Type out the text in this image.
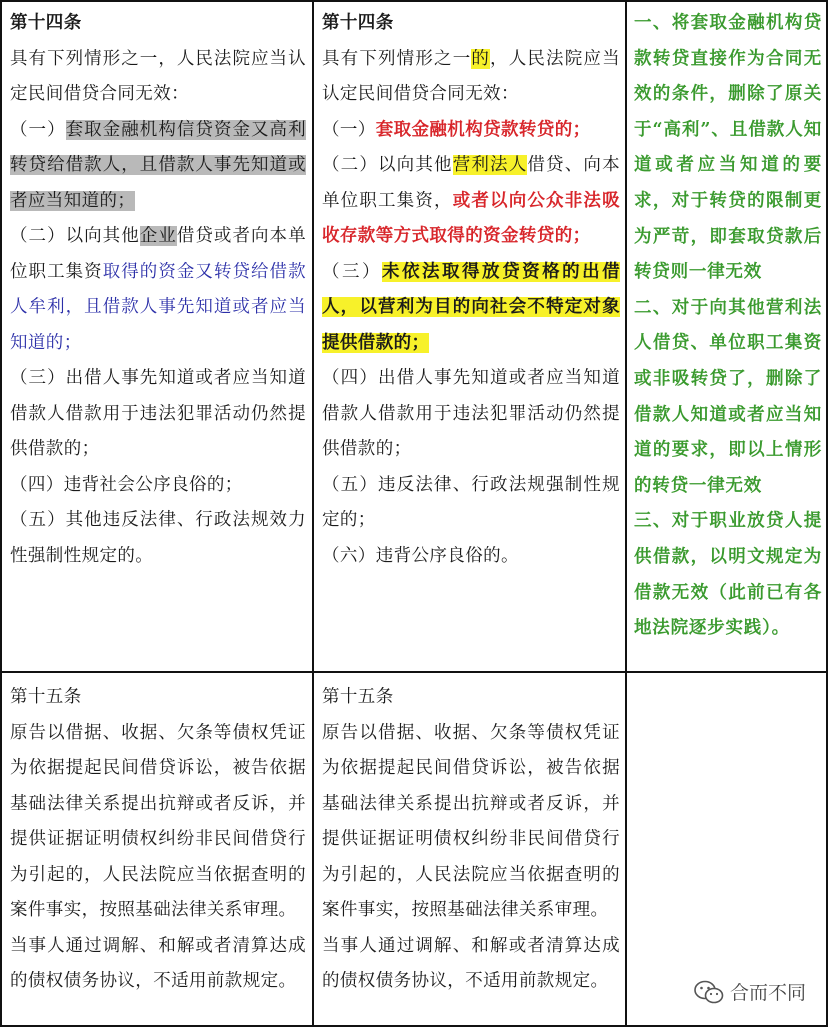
第十四条

具有下列情形之一，人民法院应当认定民间借贷合同无效：

（一）套取金融机构信贷资金又高利转贷给借款人，且借款人事先知道或者应当知道的；

（二）以向其他企业借贷或者向本单位职工集资取得的资金又转贷给借款人牟利，且借款人事先知道或者应当知道的；

（三）出借人事先知道或者应当知道借款人借款用于违法犯罪活动仍然提供借款的；

（四）违背社会公序良俗的；

（五）其他违反法律、行政法规效力性强制性规定的。

第十四条

具有下列情形之一的，人民法院应当认定民间借贷合同无效：

（一）套取金融机构贷款转贷的；

（二）以向其他营利法人借贷、向本单位职工集资，或者以向公众非法吸收存款等方式取得的资金转贷的；

（三）未依法取得放贷资格的出借人，以营利为目的向社会不特定对象提供借款的；

（四）出借人事先知道或者应当知道借款人借款用于违法犯罪活动仍然提供借款的；

（五）违反法律、行政法规强制性规定的；

（六）违背公序良俗的。

一、将套取金融机构贷款转贷直接作为合同无效的条件，删除了原关于“高利”、且借款人知道或者应当知道的要求，对于转贷的限制更为严苛，即套取贷款后转贷则一律无效

二、对于向其他营利法人借贷、单位职工集资或非吸转贷了，删除了借款人知道或者应当知道的要求，即以上情形的转贷一律无效

三、对于职业放贷人提供借款，以明文规定为借款无效（此前已有各地法院逐步实践）。

第十五条

原告以借据、收据、欠条等债权凭证为依据提起民间借贷诉讼，被告依据基础法律关系提出抗辩或者反诉，并提供证据证明债权纠纷非民间借贷行为引起的，人民法院应当依据查明的案件事实，按照基础法律关系审理。

当事人通过调解、和解或者清算达成的债权债务协议，不适用前款规定。

第十五条

原告以借据、收据、欠条等债权凭证为依据提起民间借贷诉讼，被告依据基础法律关系提出抗辩或者反诉，并提供证据证明债权纠纷非民间借贷行为引起的，人民法院应当依据查明的案件事实，按照基础法律关系审理。

当事人通过调解、和解或者清算达成的债权债务协议，不适用前款规定。

合而不同
